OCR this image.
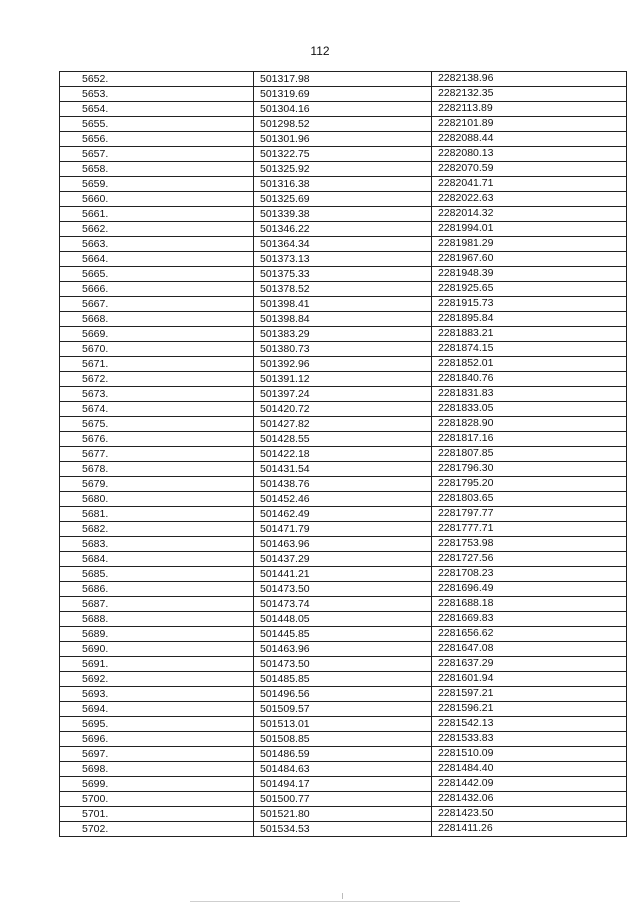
112
5652.	501317.98	2282138.96
5653.	501319.69	2282132.35
5654.	501304.16	2282113.89
5655.	501298.52	2282101.89
5656.	501301.96	2282088.44
5657.	501322.75	2282080.13
5658.	501325.92	2282070.59
5659.	501316.38	2282041.71
5660.	501325.69	2282022.63
5661.	501339.38	2282014.32
5662.	501346.22	2281994.01
5663.	501364.34	2281981.29
5664.	501373.13	2281967.60
5665.	501375.33	2281948.39
5666.	501378.52	2281925.65
5667.	501398.41	2281915.73
5668.	501398.84	2281895.84
5669.	501383.29	2281883.21
5670.	501380.73	2281874.15
5671.	501392.96	2281852.01
5672.	501391.12	2281840.76
5673.	501397.24	2281831.83
5674.	501420.72	2281833.05
5675.	501427.82	2281828.90
5676.	501428.55	2281817.16
5677.	501422.18	2281807.85
5678.	501431.54	2281796.30
5679.	501438.76	2281795.20
5680.	501452.46	2281803.65
5681.	501462.49	2281797.77
5682.	501471.79	2281777.71
5683.	501463.96	2281753.98
5684.	501437.29	2281727.56
5685.	501441.21	2281708.23
5686.	501473.50	2281696.49
5687.	501473.74	2281688.18
5688.	501448.05	2281669.83
5689.	501445.85	2281656.62
5690.	501463.96	2281647.08
5691.	501473.50	2281637.29
5692.	501485.85	2281601.94
5693.	501496.56	2281597.21
5694.	501509.57	2281596.21
5695.	501513.01	2281542.13
5696.	501508.85	2281533.83
5697.	501486.59	2281510.09
5698.	501484.63	2281484.40
5699.	501494.17	2281442.09
5700.	501500.77	2281432.06
5701.	501521.80	2281423.50
5702.	501534.53	2281411.26
